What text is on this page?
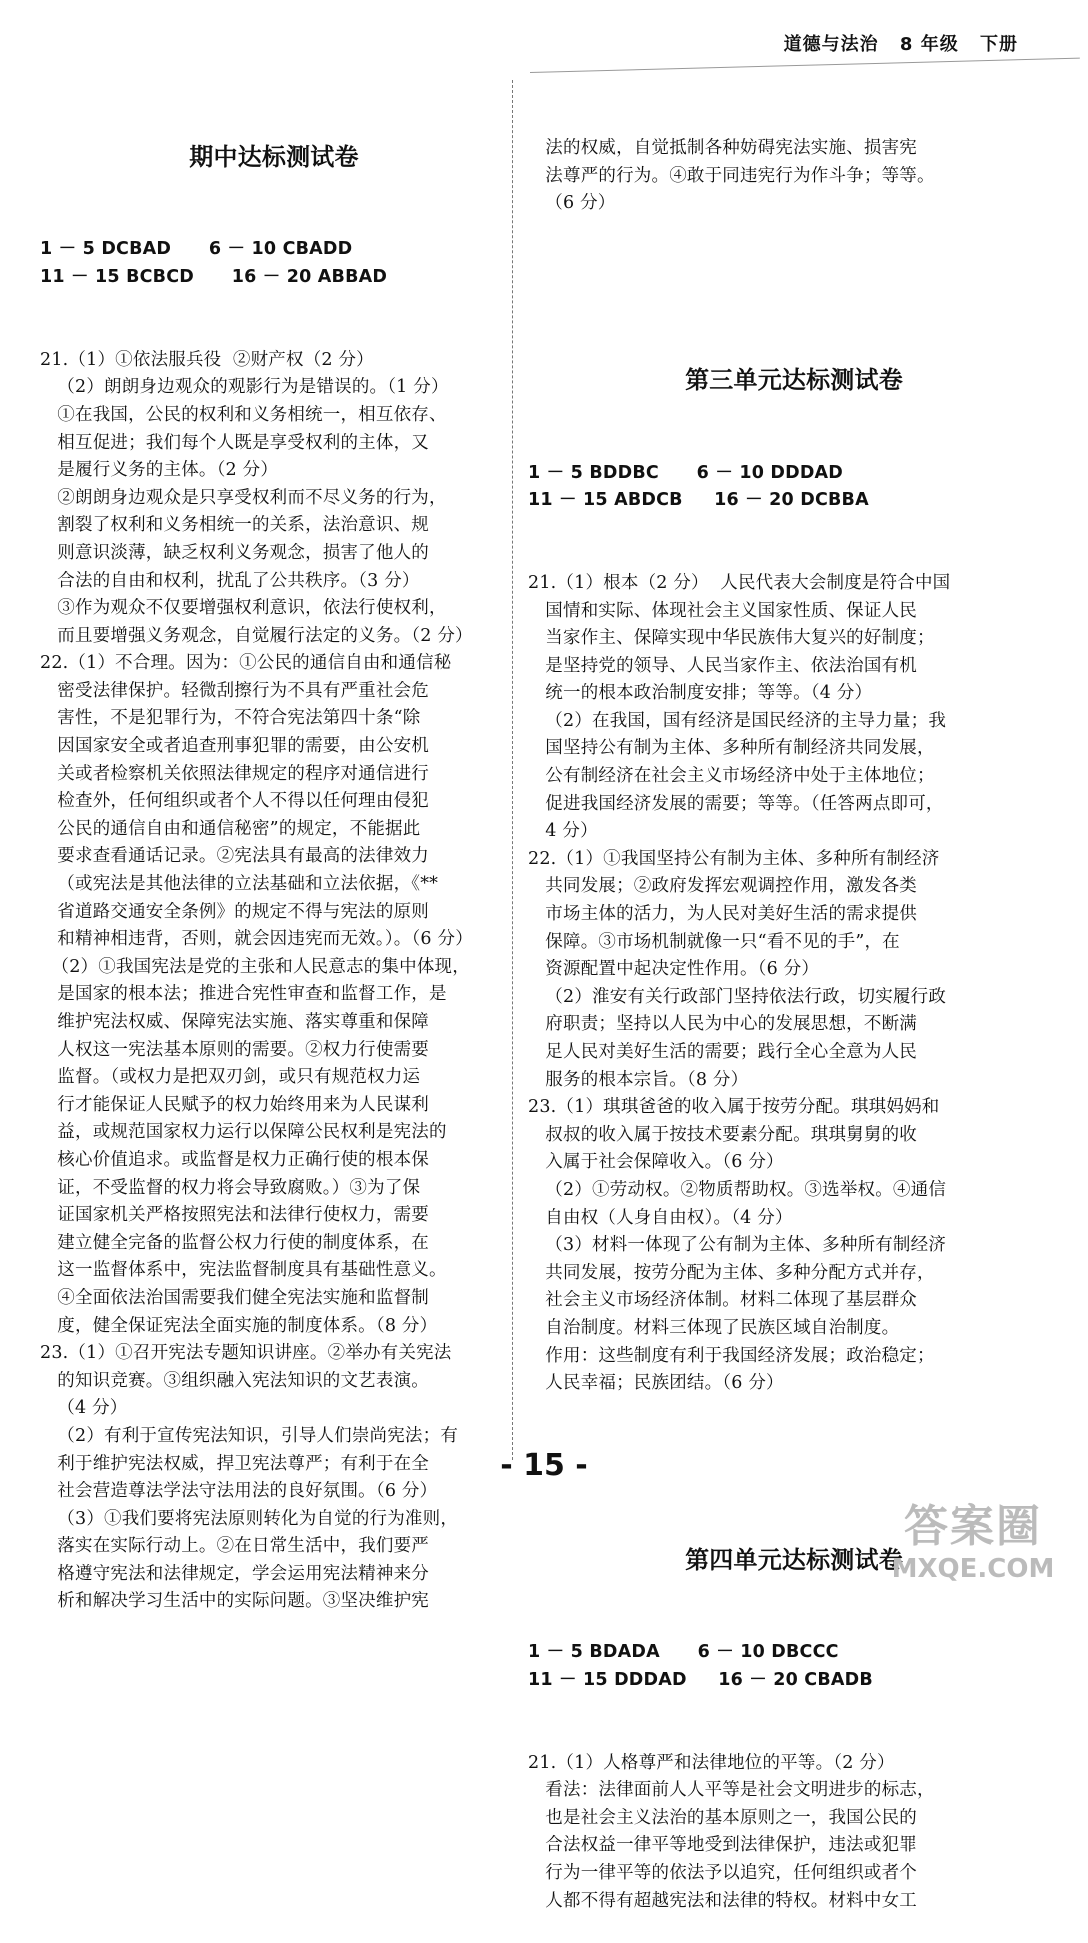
道德与法治 8 年级 下册

期中达标测试卷

1 － 5 DCBAD      6 － 10 CBADD
11 － 15 BCBCD      16 － 20 ABBAD

21.（1）①依法服兵役  ②财产权（2 分）
（2）朗朗身边观众的观影行为是错误的。（1 分）
①在我国，公民的权利和义务相统一，相互依存、
相互促进；我们每个人既是享受权利的主体，又
是履行义务的主体。（2 分）
②朗朗身边观众是只享受权利而不尽义务的行为，
割裂了权利和义务相统一的关系，法治意识、规
则意识淡薄，缺乏权利义务观念，损害了他人的
合法的自由和权利，扰乱了公共秩序。（3 分）
③作为观众不仅要增强权利意识，依法行使权利，
而且要增强义务观念，自觉履行法定的义务。（2 分）
22.（1）不合理。因为：①公民的通信自由和通信秘
密受法律保护。轻微刮擦行为不具有严重社会危
害性，不是犯罪行为，不符合宪法第四十条“除
因国家安全或者追查刑事犯罪的需要，由公安机
关或者检察机关依照法律规定的程序对通信进行
检查外，任何组织或者个人不得以任何理由侵犯
公民的通信自由和通信秘密”的规定，不能据此
要求查看通话记录。②宪法具有最高的法律效力
（或宪法是其他法律的立法基础和立法依据，《**
省道路交通安全条例》的规定不得与宪法的原则
和精神相违背，否则，就会因违宪而无效。）。（6 分）
（2）①我国宪法是党的主张和人民意志的集中体现，
是国家的根本法；推进合宪性审查和监督工作，是
维护宪法权威、保障宪法实施、落实尊重和保障
人权这一宪法基本原则的需要。②权力行使需要
监督。（或权力是把双刃剑，或只有规范权力运
行才能保证人民赋予的权力始终用来为人民谋利
益，或规范国家权力运行以保障公民权利是宪法的
核心价值追求。或监督是权力正确行使的根本保
证，不受监督的权力将会导致腐败。）③为了保
证国家机关严格按照宪法和法律行使权力，需要
建立健全完备的监督公权力行使的制度体系，在
这一监督体系中，宪法监督制度具有基础性意义。
④全面依法治国需要我们健全宪法实施和监督制
度，健全保证宪法全面实施的制度体系。（8 分）
23.（1）①召开宪法专题知识讲座。②举办有关宪法
的知识竞赛。③组织融入宪法知识的文艺表演。
（4 分）
（2）有利于宣传宪法知识，引导人们崇尚宪法；有
利于维护宪法权威，捍卫宪法尊严；有利于在全
社会营造尊法学法守法用法的良好氛围。（6 分）
（3）①我们要将宪法原则转化为自觉的行为准则，
落实在实际行动上。②在日常生活中，我们要严
格遵守宪法和法律规定，学会运用宪法精神来分
析和解决学习生活中的实际问题。③坚决维护宪

法的权威，自觉抵制各种妨碍宪法实施、损害宪
法尊严的行为。④敢于同违宪行为作斗争；等等。
（6 分）

第三单元达标测试卷

1 － 5 BDDBC      6 － 10 DDDAD
11 － 15 ABDCB     16 － 20 DCBBA

21.（1）根本（2 分）  人民代表大会制度是符合中国
国情和实际、体现社会主义国家性质、保证人民
当家作主、保障实现中华民族伟大复兴的好制度；
是坚持党的领导、人民当家作主、依法治国有机
统一的根本政治制度安排；等等。（4 分）
（2）在我国，国有经济是国民经济的主导力量；我
国坚持公有制为主体、多种所有制经济共同发展，
公有制经济在社会主义市场经济中处于主体地位；
促进我国经济发展的需要；等等。（任答两点即可，
4 分）
22.（1）①我国坚持公有制为主体、多种所有制经济
共同发展；②政府发挥宏观调控作用，激发各类
市场主体的活力，为人民对美好生活的需求提供
保障。③市场机制就像一只“看不见的手”，在
资源配置中起决定性作用。（6 分）
（2）淮安有关行政部门坚持依法行政，切实履行政
府职责；坚持以人民为中心的发展思想，不断满
足人民对美好生活的需要；践行全心全意为人民
服务的根本宗旨。（8 分）
23.（1）琪琪爸爸的收入属于按劳分配。琪琪妈妈和
叔叔的收入属于按技术要素分配。琪琪舅舅的收
入属于社会保障收入。（6 分）
（2）①劳动权。②物质帮助权。③选举权。④通信
自由权（人身自由权）。（4 分）
（3）材料一体现了公有制为主体、多种所有制经济
共同发展，按劳分配为主体、多种分配方式并存，
社会主义市场经济体制。材料二体现了基层群众
自治制度。材料三体现了民族区域自治制度。
作用：这些制度有利于我国经济发展；政治稳定；
人民幸福；民族团结。（6 分）

第四单元达标测试卷

1 － 5 BDADA      6 － 10 DBCCC
11 － 15 DDDAD     16 － 20 CBADB

21.（1）人格尊严和法律地位的平等。（2 分）
看法：法律面前人人平等是社会文明进步的标志，
也是社会主义法治的基本原则之一，我国公民的
合法权益一律平等地受到法律保护，违法或犯罪
行为一律平等的依法予以追究，任何组织或者个
人都不得有超越宪法和法律的特权。材料中女工

- 15 -
答案圈
MXQE.COM
